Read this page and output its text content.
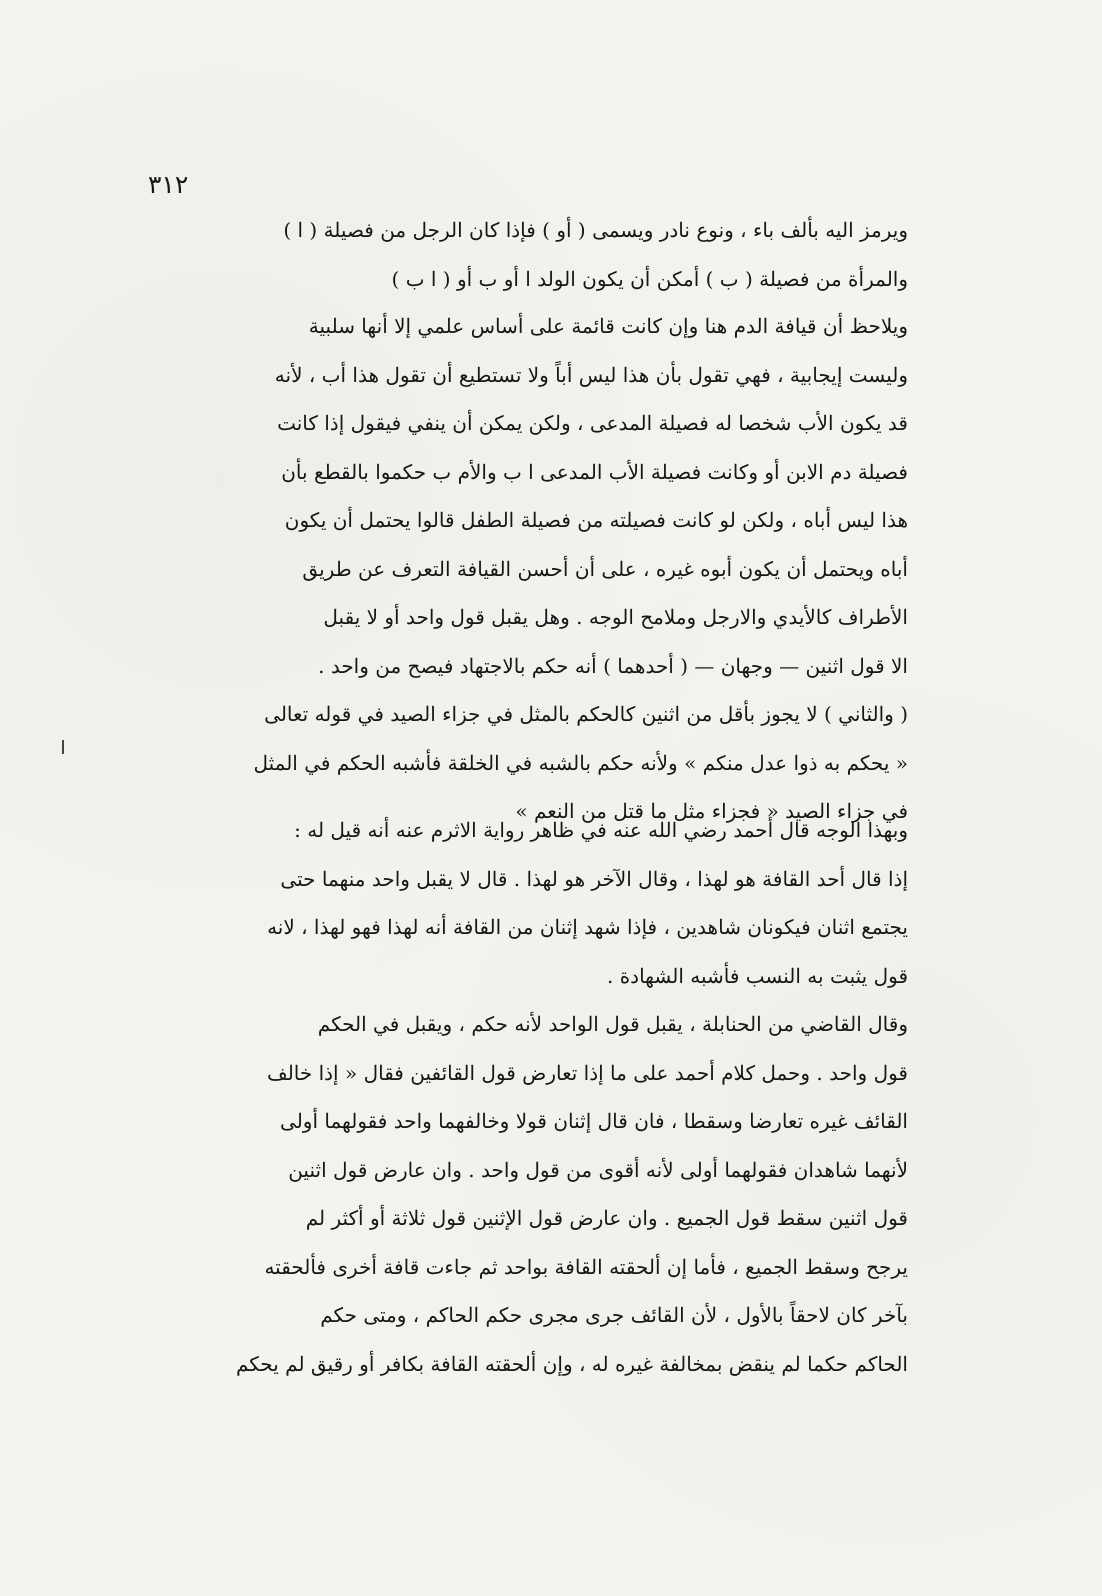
٣١٢
ويرمز اليه بألف باء ، ونوع نادر ويسمى ( أو ) فإذا كان الرجل من فصيلة ( ا )
والمرأة من فصيلة ( ب ) أمكن أن يكون الولد ا أو ب أو ( ا ب )
ويلاحظ أن قيافة الدم هنا وإن كانت قائمة على أساس علمي إلا أنها سلبية
وليست إيجابية ، فهي تقول بأن هذا ليس أباً ولا تستطيع أن تقول هذا أب ، لأنه
قد يكون الأب شخصا له فصيلة المدعى ، ولكن يمكن أن ينفي فيقول إذا كانت
فصيلة دم الابن أو وكانت فصيلة الأب المدعى ا ب والأم ب حكموا بالقطع بأن
هذا ليس أباه ، ولكن لو كانت فصيلته من فصيلة الطفل قالوا يحتمل أن يكون
أباه ويحتمل أن يكون أبوه غيره ، على أن أحسن القيافة التعرف عن طريق
الأطراف كالأيدي والارجل وملامح الوجه . وهل يقبل قول واحد أو لا يقبل
الا قول اثنين — وجهان — ( أحدهما ) أنه حكم بالاجتهاد فيصح من واحد .
( والثاني ) لا يجوز بأقل من اثنين كالحكم بالمثل في جزاء الصيد في قوله تعالى
« يحكم به ذوا عدل منكم » ولأنه حكم بالشبه في الخلقة فأشبه الحكم في المثل
في جزاء الصيد « فجزاء مثل ما قتل من النعم »
وبهذا الوجه قال أحمد رضي الله عنه في ظاهر رواية الاثرم عنه أنه قيل له :
إذا قال أحد القافة هو لهذا ، وقال الآخر هو لهذا . قال لا يقبل واحد منهما حتى
يجتمع اثنان فيكونان شاهدين ، فإذا شهد إثنان من القافة أنه لهذا فهو لهذا ، لانه
قول يثبت به النسب فأشبه الشهادة .
وقال القاضي من الحنابلة ، يقبل قول الواحد لأنه حكم ، ويقبل في الحكم
قول واحد . وحمل كلام أحمد على ما إذا تعارض قول القائفين فقال « إذا خالف
القائف غيره تعارضا وسقطا ، فان قال إثنان قولا وخالفهما واحد فقولهما أولى
لأنهما شاهدان فقولهما أولى لأنه أقوى من قول واحد . وان عارض قول اثنين
قول اثنين سقط قول الجميع . وان عارض قول الإثنين قول ثلاثة أو أكثر لم
يرجح وسقط الجميع ، فأما إن ألحقته القافة بواحد ثم جاءت قافة أخرى فألحقته
بآخر كان لاحقاً بالأول ، لأن القائف جرى مجرى حكم الحاكم ، ومتى حكم
الحاكم حكما لم ينقض بمخالفة غيره له ، وإن ألحقته القافة بكافر أو رقيق لم يحكم
